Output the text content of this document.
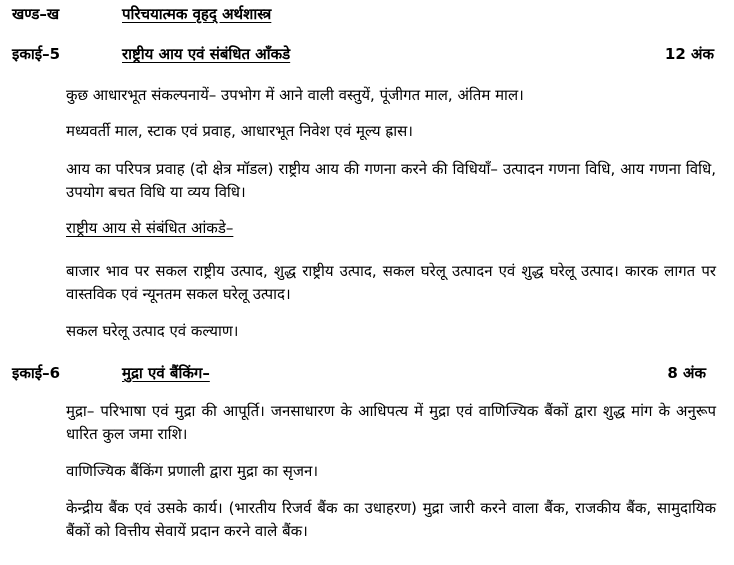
खण्ड–ख	परिचयात्मक वृहद् अर्थशास्त्र
इकाई–5	राष्ट्रीय आय एवं संबंधित आँकडे	12 अंक

कुछ आधारभूत संकल्पनायें– उपभोग में आने वाली वस्तुयें, पूंजीगत माल, अंतिम माल।

मध्यवर्ती माल, स्टाक एवं प्रवाह, आधारभूत निवेश एवं मूल्य ह्रास।

आय का परिपत्र प्रवाह (दो क्षेत्र मॉडल) राष्ट्रीय आय की गणना करने की विधियाँ– उत्पादन गणना विधि, आय गणना विधि, उपयोग बचत विधि या व्यय विधि।

राष्ट्रीय आय से संबंधित आंकडे–

बाजार भाव पर सकल राष्ट्रीय उत्पाद, शुद्ध राष्ट्रीय उत्पाद, सकल घरेलू उत्पादन एवं शुद्ध घरेलू उत्पाद। कारक लागत पर वास्तविक एवं न्यूनतम सकल घरेलू उत्पाद।

सकल घरेलू उत्पाद एवं कल्याण।

इकाई–6	मुद्रा एवं बैंकिंग–	8 अंक

मुद्रा– परिभाषा एवं मुद्रा की आपूर्ति। जनसाधारण के आधिपत्य में मुद्रा एवं वाणिज्यिक बैंकों द्वारा शुद्ध मांग के अनुरूप धारित कुल जमा राशि।

वाणिज्यिक बैंकिंग प्रणाली द्वारा मुद्रा का सृजन।

केन्द्रीय बैंक एवं उसके कार्य। (भारतीय रिजर्व बैंक का उधाहरण) मुद्रा जारी करने वाला बैंक, राजकीय बैंक, सामुदायिक बैंकों को वित्तीय सेवायें प्रदान करने वाले बैंक।
